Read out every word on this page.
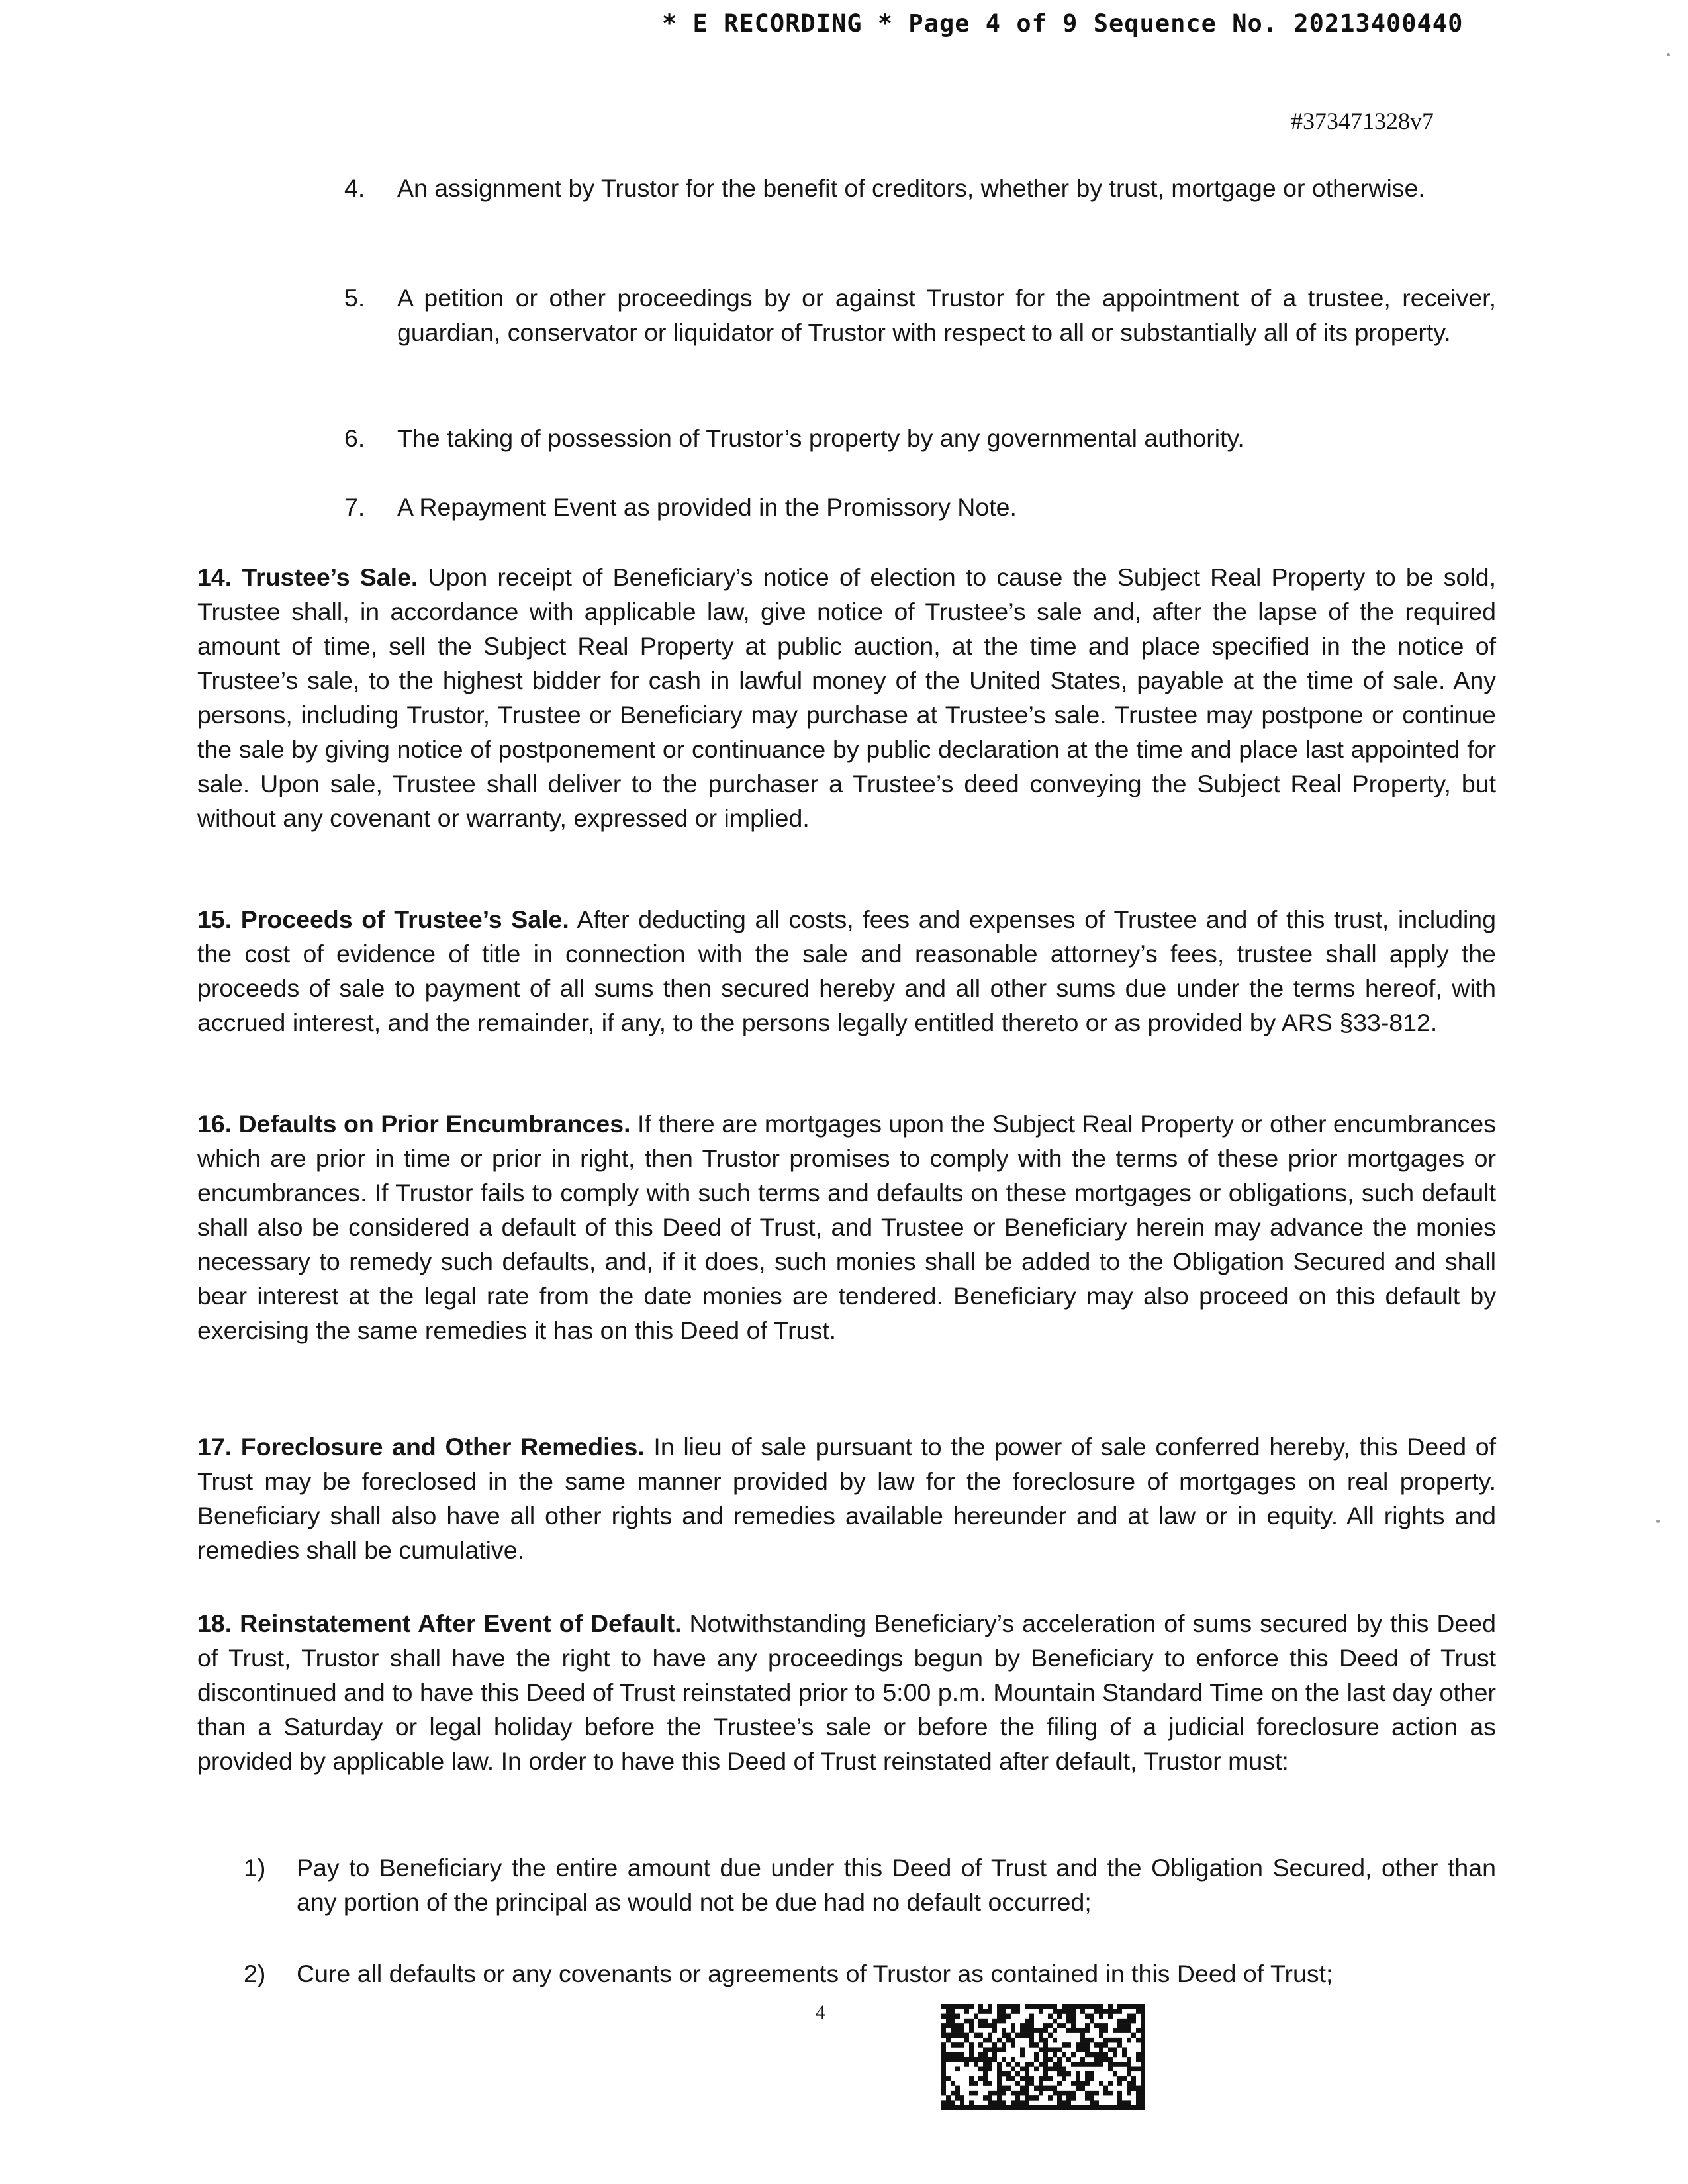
* E RECORDING * Page 4 of 9 Sequence No. 20213400440
#373471328v7
4.	An assignment by Trustor for the benefit of creditors, whether by trust, mortgage or otherwise.
5.	A petition or other proceedings by or against Trustor for the appointment of a trustee, receiver, guardian, conservator or liquidator of Trustor with respect to all or substantially all of its property.
6.	The taking of possession of Trustor’s property by any governmental authority.
7.	A Repayment Event as provided in the Promissory Note.
14. Trustee’s Sale. Upon receipt of Beneficiary’s notice of election to cause the Subject Real Property to be sold, Trustee shall, in accordance with applicable law, give notice of Trustee’s sale and, after the lapse of the required amount of time, sell the Subject Real Property at public auction, at the time and place specified in the notice of Trustee’s sale, to the highest bidder for cash in lawful money of the United States, payable at the time of sale. Any persons, including Trustor, Trustee or Beneficiary may purchase at Trustee’s sale. Trustee may postpone or continue the sale by giving notice of postponement or continuance by public declaration at the time and place last appointed for sale. Upon sale, Trustee shall deliver to the purchaser a Trustee’s deed conveying the Subject Real Property, but without any covenant or warranty, expressed or implied.
15. Proceeds of Trustee’s Sale. After deducting all costs, fees and expenses of Trustee and of this trust, including the cost of evidence of title in connection with the sale and reasonable attorney’s fees, trustee shall apply the proceeds of sale to payment of all sums then secured hereby and all other sums due under the terms hereof, with accrued interest, and the remainder, if any, to the persons legally entitled thereto or as provided by ARS §33-812.
16. Defaults on Prior Encumbrances. If there are mortgages upon the Subject Real Property or other encumbrances which are prior in time or prior in right, then Trustor promises to comply with the terms of these prior mortgages or encumbrances. If Trustor fails to comply with such terms and defaults on these mortgages or obligations, such default shall also be considered a default of this Deed of Trust, and Trustee or Beneficiary herein may advance the monies necessary to remedy such defaults, and, if it does, such monies shall be added to the Obligation Secured and shall bear interest at the legal rate from the date monies are tendered. Beneficiary may also proceed on this default by exercising the same remedies it has on this Deed of Trust.
17. Foreclosure and Other Remedies. In lieu of sale pursuant to the power of sale conferred hereby, this Deed of Trust may be foreclosed in the same manner provided by law for the foreclosure of mortgages on real property. Beneficiary shall also have all other rights and remedies available hereunder and at law or in equity. All rights and remedies shall be cumulative.
18. Reinstatement After Event of Default. Notwithstanding Beneficiary’s acceleration of sums secured by this Deed of Trust, Trustor shall have the right to have any proceedings begun by Beneficiary to enforce this Deed of Trust discontinued and to have this Deed of Trust reinstated prior to 5:00 p.m. Mountain Standard Time on the last day other than a Saturday or legal holiday before the Trustee’s sale or before the filing of a judicial foreclosure action as provided by applicable law. In order to have this Deed of Trust reinstated after default, Trustor must:
1)	Pay to Beneficiary the entire amount due under this Deed of Trust and the Obligation Secured, other than any portion of the principal as would not be due had no default occurred;
2)	Cure all defaults or any covenants or agreements of Trustor as contained in this Deed of Trust;
4
